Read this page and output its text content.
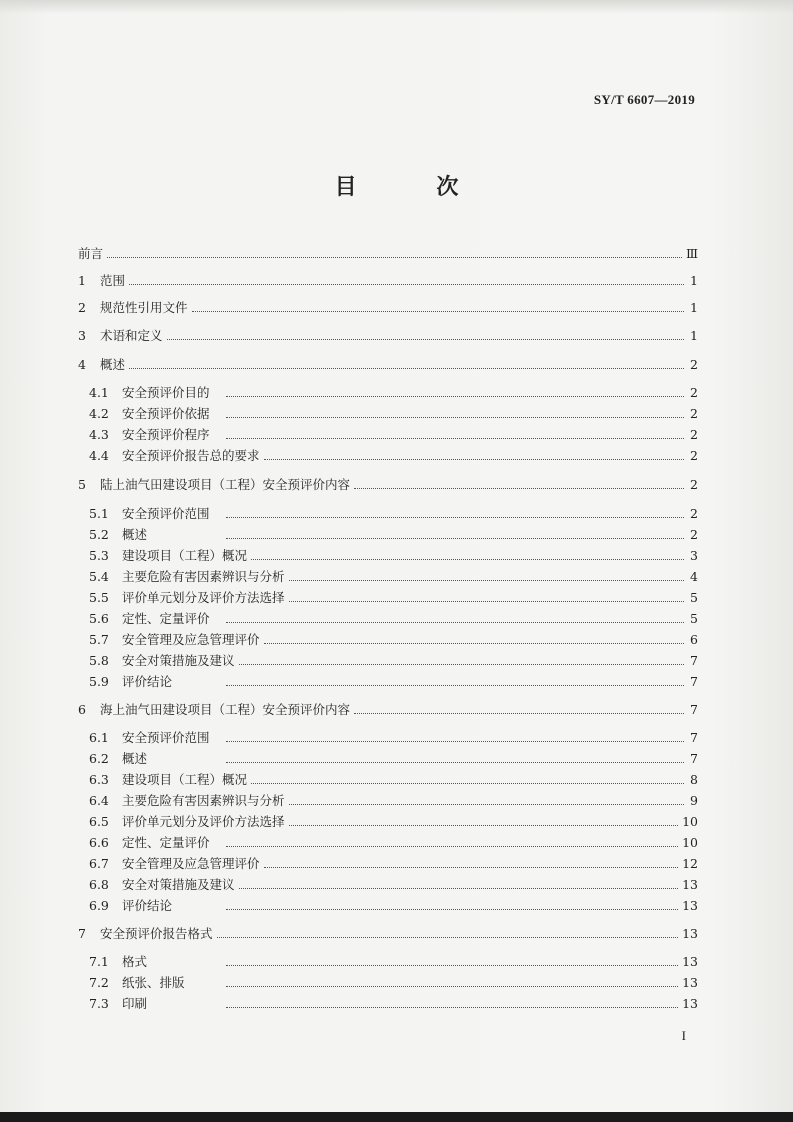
SY/T 6607—2019
目 次
前言	Ⅲ
1	范围	1
2	规范性引用文件	1
3	术语和定义	1
4	概述	2
4.1	安全预评价目的	2
4.2	安全预评价依据	2
4.3	安全预评价程序	2
4.4	安全预评价报告总的要求	2
5	陆上油气田建设项目（工程）安全预评价内容	2
5.1	安全预评价范围	2
5.2	概述	2
5.3	建设项目（工程）概况	3
5.4	主要危险有害因素辨识与分析	4
5.5	评价单元划分及评价方法选择	5
5.6	定性、定量评价	5
5.7	安全管理及应急管理评价	6
5.8	安全对策措施及建议	7
5.9	评价结论	7
6	海上油气田建设项目（工程）安全预评价内容	7
6.1	安全预评价范围	7
6.2	概述	7
6.3	建设项目（工程）概况	8
6.4	主要危险有害因素辨识与分析	9
6.5	评价单元划分及评价方法选择	10
6.6	定性、定量评价	10
6.7	安全管理及应急管理评价	12
6.8	安全对策措施及建议	13
6.9	评价结论	13
7	安全预评价报告格式	13
7.1	格式	13
7.2	纸张、排版	13
7.3	印刷	13
I
